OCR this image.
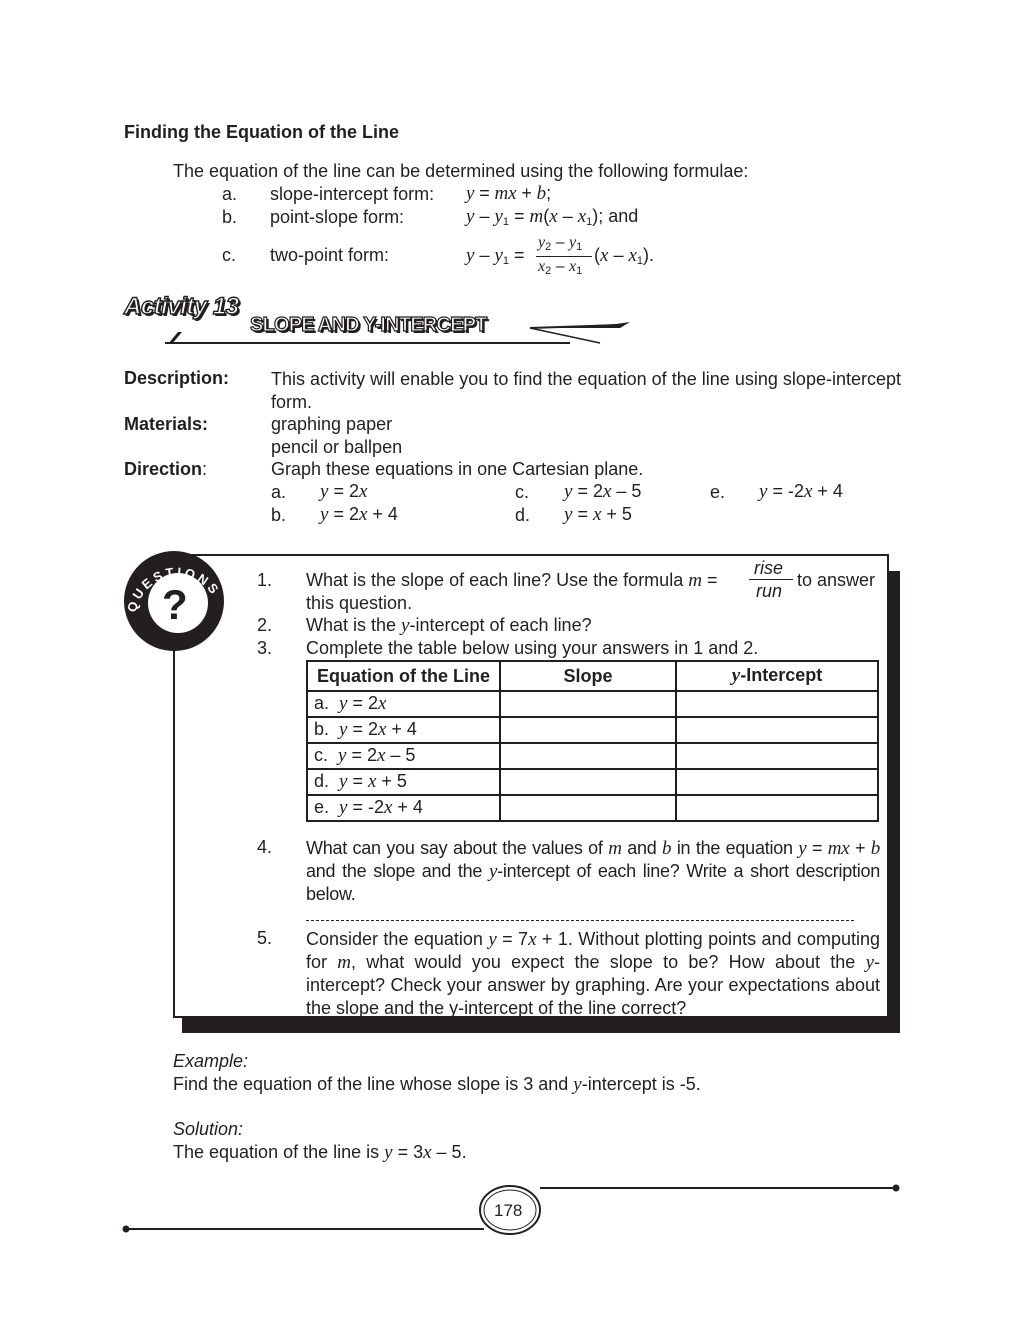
Finding the Equation of the Line
The equation of the line can be determined using the following formulae:
a. slope-intercept form: y = mx + b;
b. point-slope form:	y – y1 = m(x – x1); and
c. two-point form:	y – y1 =
y2 – y1
x2 – x1
(x – x1).
Activity 13
SLOPE AND Y-INTERCEPT
Description: This activity will enable you to find the equation of the line using slope-intercept form.
Materials:	graphing paper
pencil or ballpen
Direction:	Graph these equations in one Cartesian plane.
a. y = 2x	c. y = 2x – 5	e. y = -2x + 4
b. y = 2x + 4	d. y = x + 5
QUESTIONS
?
1. What is the slope of each line? Use the formula m =
rise
run
to answer
this question.
2. What is the y-intercept of each line?
3. Complete the table below using your answers in 1 and 2.
Equation of the Line	Slope	y-Intercept
a.  y = 2x		
b.  y = 2x + 4		
c.  y = 2x – 5		
d.  y = x + 5		
e.  y = -2x + 4		
4. What can you say about the values of m and b in the equation y = mx + b and the slope and the y-intercept of each line? Write a short description below.
5. Consider the equation y = 7x + 1. Without plotting points and computing for m, what would you expect the slope to be? How about the y-intercept? Check your answer by graphing. Are your expectations about the slope and the y-intercept of the line correct?
Example:
Find the equation of the line whose slope is 3 and y-intercept is -5.
Solution:
The equation of the line is y = 3x – 5.
178
